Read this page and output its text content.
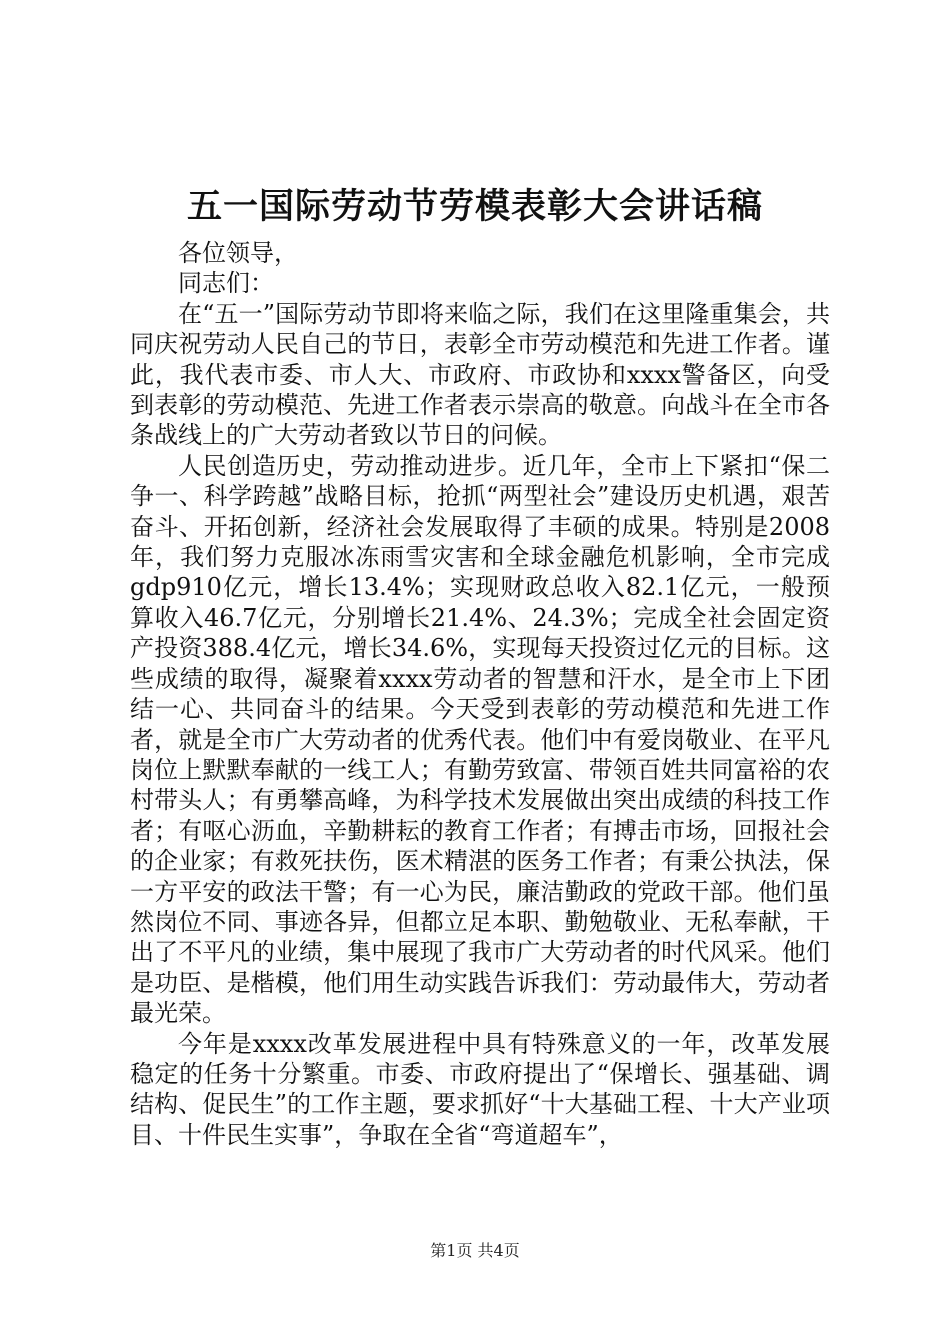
五一国际劳动节劳模表彰大会讲话稿

各位领导，

同志们：

在“五一”国际劳动节即将来临之际，我们在这里隆重集会，共同庆祝劳动人民自己的节日，表彰全市劳动模范和先进工作者。谨此，我代表市委、市人大、市政府、市政协和xxxx警备区，向受到表彰的劳动模范、先进工作者表示崇高的敬意。向战斗在全市各条战线上的广大劳动者致以节日的问候。

人民创造历史，劳动推动进步。近几年，全市上下紧扣“保二争一、科学跨越”战略目标，抢抓“两型社会”建设历史机遇，艰苦奋斗、开拓创新，经济社会发展取得了丰硕的成果。特别是2008年，我们努力克服冰冻雨雪灾害和全球金融危机影响，全市完成gdp910亿元，增长13.4%；实现财政总收入82.1亿元，一般预算收入46.7亿元，分别增长21.4%、24.3%；完成全社会固定资产投资388.4亿元，增长34.6%，实现每天投资过亿元的目标。这些成绩的取得，凝聚着xxxx劳动者的智慧和汗水，是全市上下团结一心、共同奋斗的结果。今天受到表彰的劳动模范和先进工作者，就是全市广大劳动者的优秀代表。他们中有爱岗敬业、在平凡岗位上默默奉献的一线工人；有勤劳致富、带领百姓共同富裕的农村带头人；有勇攀高峰，为科学技术发展做出突出成绩的科技工作者；有呕心沥血，辛勤耕耘的教育工作者；有搏击市场，回报社会的企业家；有救死扶伤，医术精湛的医务工作者；有秉公执法，保一方平安的政法干警；有一心为民，廉洁勤政的党政干部。他们虽然岗位不同、事迹各异，但都立足本职、勤勉敬业、无私奉献，干出了不平凡的业绩，集中展现了我市广大劳动者的时代风采。他们是功臣、是楷模，他们用生动实践告诉我们：劳动最伟大，劳动者最光荣。

今年是xxxx改革发展进程中具有特殊意义的一年，改革发展稳定的任务十分繁重。市委、市政府提出了“保增长、强基础、调结构、促民生”的工作主题，要求抓好“十大基础工程、十大产业项目、十件民生实事”，争取在全省“弯道超车”，

第1页 共4页
